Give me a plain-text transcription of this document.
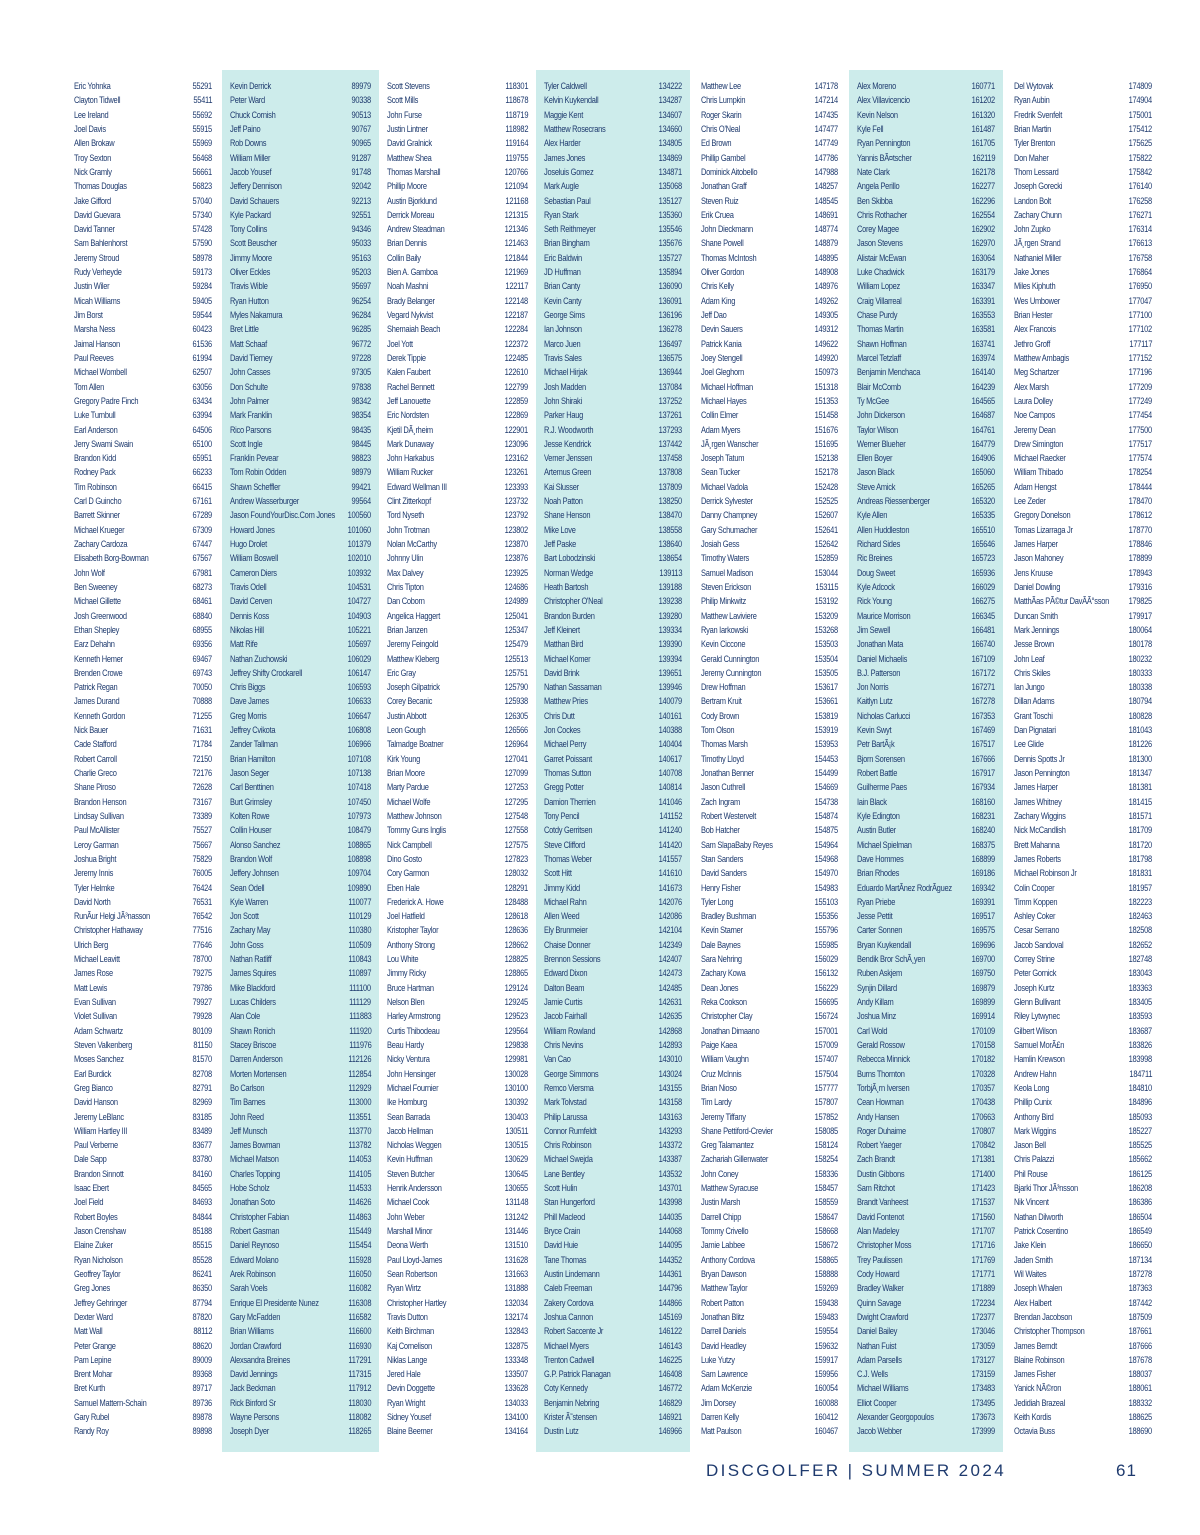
Eric Yohnka	55291
Clayton Tidwell	55411
Lee Ireland	55692
Joel Davis	55915
Allen Brokaw	55969
Troy Sexton	56468
Nick Gramly	56661
Thomas Douglas	56823
Jake Gifford	57040
David Guevara	57340
David Tanner	57428
Sam Bahlenhorst	57590
Jeremy Stroud	58978
Rudy Verheyde	59173
Justin Wiler	59284
Micah Williams	59405
Jim Borst	59544
Marsha Ness	60423
Jaimal Hanson	61536
Paul Reeves	61994
Michael Wombell	62507
Tom Allen	63056
Gregory Padre Finch	63434
Luke Turnbull	63994
Earl Anderson	64506
Jerry Swami Swain	65100
Brandon Kidd	65951
Rodney Pack	66233
Tim Robinson	66415
Carl D Guincho	67161
Barrett Skinner	67289
Michael Krueger	67309
Zachary Cardoza	67447
Elisabeth Borg-Bowman	67567
John Wolf	67981
Ben Sweeney	68273
Michael Gillette	68461
Josh Greenwood	68840
Ethan Shepley	68955
Earz Dehahn	69356
Kenneth Hemer	69467
Brenden Crowe	69743
Patrick Regan	70050
James Durand	70888
Kenneth Gordon	71255
Nick Bauer	71631
Cade Stafford	71784
Robert Carroll	72150
Charlie Greco	72176
Shane Piroso	72628
Brandon Henson	73167
Lindsay Sullivan	73389
Paul McAllister	75527
Leroy Garman	75667
Joshua Bright	75829
Jeremy Innis	76005
Tyler Helmke	76424
David North	76531
RunÃur Helgi JÃ³nasson	76542
Christopher Hathaway	77516
Ulrich Berg	77646
Michael Leavitt	78700
James Rose	79275
Matt Lewis	79786
Evan Sullivan	79927
Violet Sullivan	79928
Adam Schwartz	80109
Steven Valkenberg	81150
Moses Sanchez	81570
Earl Burdick	82708
Greg Bianco	82791
David Hanson	82969
Jeremy LeBlanc	83185
William Hartley III	83489
Paul Verberne	83677
Dale Sapp	83780
Brandon Sinnott	84160
Isaac Ebert	84565
Joel Field	84693
Robert Boyles	84844
Jason Crenshaw	85188
Elaine Zuker	85515
Ryan Nicholson	85528
Geoffrey Taylor	86241
Greg Jones	86350
Jeffrey Gehringer	87794
Dexter Ward	87820
Matt Wall	88112
Peter Grange	88620
Pam Lepine	89009
Brent Mohar	89368
Bret Kurth	89717
Samuel Mattern-Schain	89736
Gary Rubel	89878
Randy Roy	89898
Kevin Derrick	89979
Peter Ward	90338
Chuck Cornish	90513
Jeff Paino	90767
Rob Downs	90965
William Miller	91287
Jacob Yousef	91748
Jeffery Dennison	92042
David Schauers	92213
Kyle Packard	92551
Tony Collins	94346
Scott Beuscher	95033
Jimmy Moore	95163
Oliver Eckles	95203
Travis Wible	95697
Ryan Hutton	96254
Myles Nakamura	96284
Bret Little	96285
Matt Schaaf	96772
David Tierney	97228
John Casses	97305
Don Schulte	97838
John Palmer	98342
Mark Franklin	98354
Rico Parsons	98435
Scott Ingle	98445
Franklin Pevear	98823
Tom Robin Odden	98979
Shawn Scheffler	99421
Andrew Wasserburger	99564
Jason FoundYourDisc.Com Jones 100560
Howard Jones	101060
Hugo Drolet	101379
William Boswell	102010
Cameron Diers	103932
Travis Odell	104531
David Cerven	104727
Dennis Koss	104903
Nikolas Hill	105221
Matt Rife	105697
Nathan Zuchowski	106029
Jeffrey Shifty Crockarell	106147
Chris Biggs	106593
Dave James	106633
Greg Morris	106647
Jeffrey Cvikota	106808
Zander Tallman	106966
Brian Hamilton	107108
Jason Seger	107138
Carl Benttinen	107418
Burt Grimsley	107450
Kolten Rowe	107973
Collin Houser	108479
Alonso Sanchez	108865
Brandon Wolf	108898
Jeffery Johnsen	109704
Sean Odell	109890
Kyle Warren	110077
Jon Scott	110129
Zachary May	110380
John Goss	110509
Nathan Ratliff	110843
James Squires	110897
Mike Blackford	111100
Lucas Childers	111129
Alan Cole	111883
Shawn Ronich	111920
Stacey Briscoe	111976
Darren Anderson	112126
Morten Mortensen	112854
Bo Carlson	112929
Tim Barnes	113000
John Reed	113551
Jeff Munsch	113770
James Bowman	113782
Michael Matson	114053
Charles Topping	114105
Hobe Scholz	114533
Jonathan Soto	114626
Christopher Fabian	114863
Robert Gasman	115449
Daniel Reynoso	115454
Edward Molano	115928
Arek Robinson	116050
Sarah Voels	116082
Enrique El Presidente Nunez	116308
Gary McFadden	116582
Brian Williams	116600
Jordan Crawford	116930
Alexsandra Breines	117291
David Jennings	117315
Jack Beckman	117912
Rick Binford Sr	118030
Wayne Persons	118082
Joseph Dyer	118265
Scott Stevens	118301
Scott Mills	118678
John Furse	118719
Justin Lintner	118982
David Gralnick	119164
Matthew Shea	119755
Thomas Marshall	120766
Phillip Moore	121094
Austin Bjorklund	121168
Derrick Moreau	121315
Andrew Steadman	121346
Brian Dennis	121463
Collin Baily	121844
Bien A. Gamboa	121969
Noah Mashni	122117
Brady Belanger	122148
Vegard Nykvist	122187
Shemaiah Beach	122284
Joel Yott	122372
Derek Tippie	122485
Kalen Faubert	122610
Rachel Bennett	122799
Jeff Lanouette	122859
Eric Nordsten	122869
Kjetil DÃ¸rheim	122901
Mark Dunaway	123096
John Harkabus	123162
William Rucker	123261
Edward Wellman III	123393
Clint Zitterkopf	123732
Tord Nyseth	123792
John Trotman	123802
Nolan McCarthy	123870
Johnny Ulin	123876
Max Dalvey	123925
Chris Tipton	124686
Dan Coborn	124989
Angelica Haggert	125041
Brian Janzen	125347
Jeremy Feingold	125479
Matthew Kleberg	125513
Eric Gray	125751
Joseph Gilpatrick	125790
Corey Becanic	125938
Justin Abbott	126305
Leon Gough	126566
Talmadge Boatner	126964
Kirk Young	127041
Brian Moore	127099
Marty Pardue	127253
Michael Wolfe	127295
Matthew Johnson	127548
Tommy Guns Inglis	127558
Nick Campbell	127575
Dino Gosto	127823
Cory Garmon	128032
Eben Hale	128291
Frederick A. Howe	128488
Joel Hatfield	128618
Kristopher Taylor	128636
Anthony Strong	128662
Lou White	128825
Jimmy Ricky	128865
Bruce Hartman	129124
Nelson Blen	129245
Harley Armstrong	129523
Curtis Thibodeau	129564
Beau Hardy	129838
Nicky Ventura	129981
John Hensinger	130028
Michael Fournier	130100
Ike Homburg	130392
Sean Barrada	130403
Jacob Hellman	130511
Nicholas Weggen	130515
Kevin Huffman	130629
Steven Butcher	130645
Henrik Andersson	130655
Michael Cook	131148
John Weber	131242
Marshall Minor	131446
Deona Werth	131510
Paul Lloyd-James	131628
Sean Robertson	131663
Ryan Wirtz	131888
Christopher Hartley	132034
Travis Dutton	132174
Keith Birchman	132843
Kaj Cornelison	132875
Niklas Lange	133348
Jered Hale	133507
Devin Doggette	133628
Ryan Wright	134033
Sidney Yousef	134100
Blaine Beemer	134164
Tyler Caldwell	134222
Kelvin Kuykendall	134287
Maggie Kent	134607
Matthew Rosecrans	134660
Alex Harder	134805
James Jones	134869
Joseluis Gomez	134871
Mark Augle	135068
Sebastian Paul	135127
Ryan Stark	135360
Seth Reithmeyer	135546
Brian Bingham	135676
Eric Baldwin	135727
JD Huffman	135894
Brian Canty	136090
Kevin Canty	136091
George Sims	136196
Ian Johnson	136278
Marco Juen	136497
Travis Sales	136575
Michael Hirjak	136944
Josh Madden	137084
John Shiraki	137252
Parker Haug	137261
R.J. Woodworth	137293
Jesse Kendrick	137442
Verner Jenssen	137458
Artemus Green	137808
Kai Slusser	137809
Noah Patton	138250
Shane Henson	138470
Mike Love	138558
Jeff Paske	138640
Bart Lobodzinski	138654
Norman Wedge	139113
Heath Bartosh	139188
Christopher O'Neal	139238
Brandon Burden	139280
Jeff Kleinert	139334
Matthan Bird	139390
Michael Komer	139394
David Brink	139651
Nathan Sassaman	139946
Matthew Pries	140079
Chris Dutt	140161
Jon Cockes	140388
Michael Perry	140404
Garret Poissant	140617
Thomas Sutton	140708
Gregg Potter	140814
Damion Therrien	141046
Tony Pencil	141152
Cotdy Gerritsen	141240
Steve Clifford	141420
Thomas Weber	141557
Scott Hitt	141610
Jimmy Kidd	141673
Michael Rahn	142076
Allen Weed	142086
Ely Brunmeier	142104
Chaise Donner	142349
Brennon Sessions	142407
Edward Dixon	142473
Dalton Beam	142485
Jamie Curtis	142631
Jacob Fairhall	142635
William Rowland	142868
Chris Nevins	142893
Van Cao	143010
George Simmons	143024
Remco Viersma	143155
Mark Tolvstad	143158
Philip Larussa	143163
Connor Rumfeldt	143293
Chris Robinson	143372
Michael Swejda	143387
Lane Bentley	143532
Scott Hulin	143701
Stan Hungerford	143998
Phill Macleod	144035
Bryce Crain	144068
David Huie	144095
Tane Thomas	144352
Austin Lindemann	144361
Caleb Freeman	144796
Zakery Cordova	144866
Joshua Cannon	145169
Robert Saccente Jr	146122
Michael Myers	146143
Trenton Cadwell	146225
G.P. Patrick Flanagan	146408
Coty Kennedy	146772
Benjamin Nebring	146829
Krister Ã˜stensen	146921
Dustin Lutz	146966
Matthew Lee	147178
Chris Lumpkin	147214
Roger Skarin	147435
Chris O'Neal	147477
Ed Brown	147749
Phillip Gambel	147786
Dominick Aitobello	147988
Jonathan Graff	148257
Steven Ruiz	148545
Erik Cruea	148691
John Dieckmann	148774
Shane Powell	148879
Thomas McIntosh	148895
Oliver Gordon	148908
Chris Kelly	148976
Adam King	149262
Jeff Dao	149305
Devin Sauers	149312
Patrick Kania	149622
Joey Stengell	149920
Joel Gleghorn	150973
Michael Hoffman	151318
Michael Hayes	151353
Collin Elmer	151458
Adam Myers	151676
JÃ¸rgen Wanscher	151695
Joseph Tatum	152138
Sean Tucker	152178
Michael Vadola	152428
Derrick Sylvester	152525
Danny Champney	152607
Gary Schumacher	152641
Josiah Gess	152642
Timothy Waters	152859
Samuel Madison	153044
Steven Erickson	153115
Philip Minkwitz	153192
Matthew Laviviere	153209
Ryan Iarkowski	153268
Kevin Ciccone	153503
Gerald Cunnington	153504
Jeremy Cunnington	153505
Drew Hoffman	153617
Bertram Kruit	153661
Cody Brown	153819
Tom Olson	153919
Thomas Marsh	153953
Timothy Lloyd	154453
Jonathan Benner	154499
Jason Cuthrell	154669
Zach Ingram	154738
Robert Westervelt	154874
Bob Hatcher	154875
Sam SlapaBaby Reyes	154964
Stan Sanders	154968
David Sanders	154970
Henry Fisher	154983
Tyler Long	155103
Bradley Bushman	155356
Kevin Starner	155796
Dale Baynes	155985
Sara Nehring	156029
Zachary Kowa	156132
Dean Jones	156229
Reka Cookson	156695
Christopher Clay	156724
Jonathan Dimaano	157001
Paige Kaea	157009
William Vaughn	157407
Cruz McInnis	157504
Brian Nioso	157777
Tim Lardy	157807
Jeremy Tiffany	157852
Shane Pettiford-Crevier	158085
Greg Talamantez	158124
Zachariah Gillenwater	158254
John Coney	158336
Matthew Syracuse	158457
Justin Marsh	158559
Darrell Chipp	158647
Tommy Crivello	158668
Jamie Labbee	158672
Anthony Cordova	158865
Bryan Dawson	158888
Matthew Taylor	159269
Robert Patton	159438
Jonathan Blitz	159483
Darrell Daniels	159554
David Headley	159632
Luke Yutzy	159917
Sam Lawrence	159956
Adam McKenzie	160054
Jim Dorsey	160088
Darren Kelly	160412
Matt Paulson	160467
Alex Moreno	160771
Alex Villavicencio	161202
Kevin Nelson	161320
Kyle Fell	161487
Ryan Pennington	161705
Yannis BÃ¤tscher	162119
Nate Clark	162178
Angela Perillo	162277
Ben Skibba	162296
Chris Rothacher	162554
Corey Magee	162902
Jason Stevens	162970
Alistair McEwan	163064
Luke Chadwick	163179
William Lopez	163347
Craig Villarreal	163391
Chase Purdy	163553
Thomas Martin	163581
Shawn Hoffman	163741
Marcel Tetzlaff	163974
Benjamin Menchaca	164140
Blair McComb	164239
Ty McGee	164565
John Dickerson	164687
Taylor Wilson	164761
Werner Blueher	164779
Ellen Boyer	164906
Jason Black	165060
Steve Amick	165265
Andreas Riessenberger	165320
Kyle Allen	165335
Allen Huddleston	165510
Richard Sides	165646
Ric Breines	165723
Doug Sweet	165936
Kyle Adcock	166029
Rick Young	166275
Maurice Morrison	166345
Jim Sewell	166481
Jonathan Mata	166740
Daniel Michaelis	167109
B.J. Patterson	167172
Jon Norris	167271
Kaitlyn Lutz	167278
Nicholas Carlucci	167353
Kevin Swyt	167469
Petr BartÃ¡k	167517
Bjorn Sorensen	167666
Robert Battle	167917
Guilherme Paes	167934
Iain Black	168160
Kyle Edington	168231
Austin Butler	168240
Michael Spielman	168375
Dave Hommes	168899
Brian Rhodes	169186
Eduardo MartÃnez RodrÃguez 169342
Ryan Priebe	169391
Jesse Pettit	169517
Carter Sonnen	169575
Bryan Kuykendall	169696
Bendik Bror SchÃ¸yen	169700
Ruben Askjem	169750
Synjin Dillard	169879
Andy Killam	169899
Joshua Minz	169914
Carl Wold	170109
Gerald Rossow	170158
Rebecca Minnick	170182
Burns Thornton	170328
TorbjÃ¸rn Iversen	170357
Cean Howman	170438
Andy Hansen	170663
Roger Duhaime	170807
Robert Yaeger	170842
Zach Brandt	171381
Dustin Gibbons	171400
Sam Ritchot	171423
Brandt Vanheest	171537
David Fontenot	171560
Alan Madeley	171707
Christopher Moss	171716
Trey Paulissen	171769
Cody Howard	171771
Bradley Walker	171889
Quinn Savage	172234
Dwight Crawford	172377
Daniel Bailey	173046
Nathan Fuist	173059
Adam Parsells	173127
C.J. Wells	173159
Michael Williams	173483
Elliot Cooper	173495
Alexander Georgopoulos	173673
Jacob Webber	173999
Del Wytovak	174809
Ryan Aubin	174904
Fredrik Svenfelt	175001
Brian Martin	175412
Tyler Brenton	175625
Don Maher	175822
Thom Lessard	175842
Joseph Gorecki	176140
Landon Bolt	176258
Zachary Chunn	176271
John Zupko	176314
JÃ¸rgen Strand	176613
Nathaniel Miller	176758
Jake Jones	176864
Miles Kiphuth	176950
Wes Umbower	177047
Brian Hester	177100
Alex Francois	177102
Jethro Groff	177117
Matthew Ambagis	177152
Meg Schartzer	177196
Alex Marsh	177209
Laura Dolley	177249
Noe Campos	177454
Jeremy Dean	177500
Drew Simington	177517
Michael Raecker	177574
William Thibado	178254
Adam Hengst	178444
Lee Zeder	178470
Gregory Donelson	178612
Tomas Lizarraga Jr	178770
James Harper	178846
Jason Mahoney	178899
Jens Kruuse	178943
Daniel Dowling	179316
MatthÃas PÃ©tur DavÃÃ°sson 179825
Duncan Smith	179917
Mark Jennings	180064
Jesse Brown	180178
John Leaf	180232
Chris Skiles	180333
Ian Jungo	180338
Dillan Adams	180794
Grant Toschi	180828
Dan Pignatari	181043
Lee Glide	181226
Dennis Spotts Jr	181300
Jason Pennington	181347
James Harper	181381
James Whitney	181415
Zachary Wiggins	181571
Nick McCandlish	181709
Brett Mahanna	181720
James Roberts	181798
Michael Robinson Jr	181831
Colin Cooper	181957
Timm Koppen	182223
Ashley Coker	182463
Cesar Serrano	182508
Jacob Sandoval	182652
Correy Strine	182748
Peter Gornick	183043
Joseph Kurtz	183363
Glenn Bullivant	183405
Riley Lytwynec	183593
Gilbert Wilson	183687
Samuel MorÃ£n	183826
Hamlin Krewson	183998
Andrew Hahn	184711
Keola Long	184810
Phillip Cunix	184896
Anthony Bird	185093
Mark Wiggins	185227
Jason Bell	185525
Chris Palazzi	185662
Phil Rouse	186125
Bjarki Thor JÃ³nsson	186208
Nik Vincent	186386
Nathan Dilworth	186504
Patrick Cosentino	186549
Jake Klein	186650
Jaden Smith	187134
Wil Waites	187278
Joseph Whalen	187363
Alex Halbert	187442
Brendan Jacobson	187509
Christopher Thompson	187661
James Berndt	187666
Blaine Robinson	187678
James Fisher	188037
Yanick NÃ©ron	188061
Jedidiah Brazeal	188332
Keith Kordis	188625
Octavia Buss	188690
DISCGOLFER | SUMMER 2024	61
